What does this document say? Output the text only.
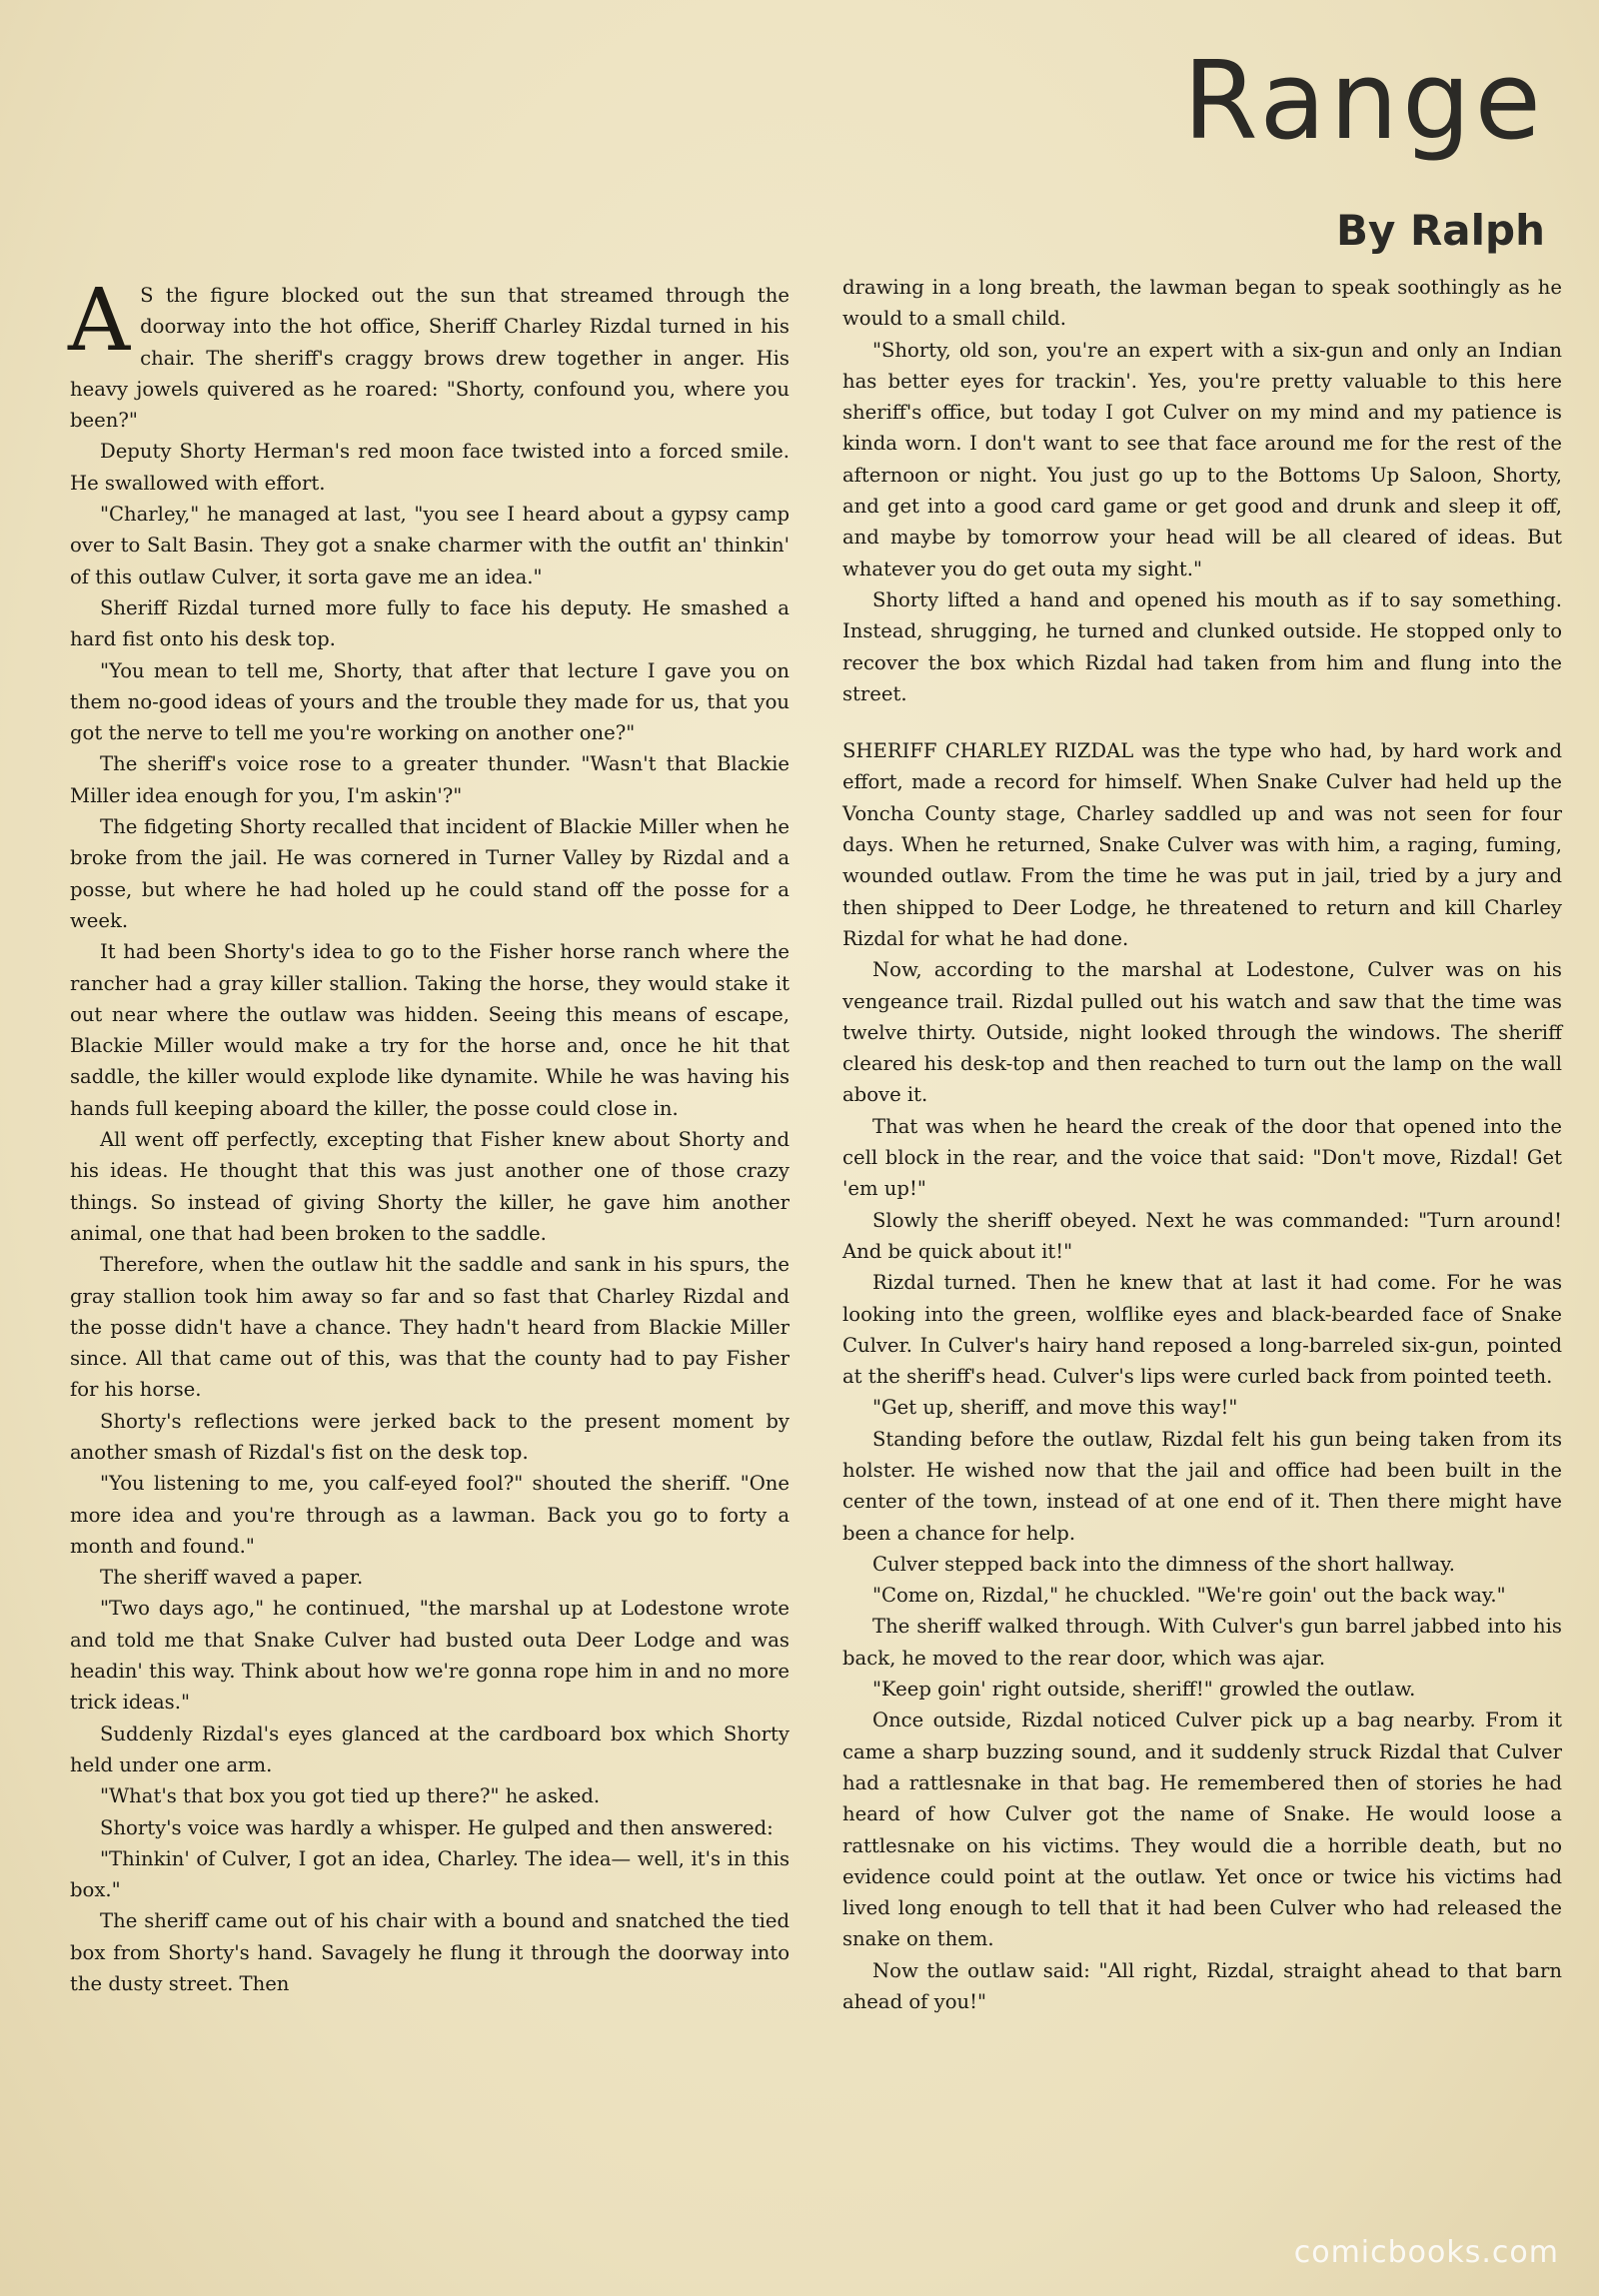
Range
By Ralph

A S the figure blocked out the sun that streamed through the doorway into the hot office, Sheriff Charley Rizdal turned in his chair. The sheriff's craggy brows drew together in anger. His heavy jowels quivered as he roared: "Shorty, confound you, where you been?"

Deputy Shorty Herman's red moon face twisted into a forced smile. He swallowed with effort.

"Charley," he managed at last, "you see I heard about a gypsy camp over to Salt Basin. They got a snake charmer with the outfit an' thinkin' of this outlaw Culver, it sorta gave me an idea."

Sheriff Rizdal turned more fully to face his deputy. He smashed a hard fist onto his desk top.

"You mean to tell me, Shorty, that after that lecture I gave you on them no-good ideas of yours and the trouble they made for us, that you got the nerve to tell me you're working on another one?"

The sheriff's voice rose to a greater thunder. "Wasn't that Blackie Miller idea enough for you, I'm askin'?"

The fidgeting Shorty recalled that incident of Blackie Miller when he broke from the jail. He was cornered in Turner Valley by Rizdal and a posse, but where he had holed up he could stand off the posse for a week.

It had been Shorty's idea to go to the Fisher horse ranch where the rancher had a gray killer stallion. Taking the horse, they would stake it out near where the outlaw was hidden. Seeing this means of escape, Blackie Miller would make a try for the horse and, once he hit that saddle, the killer would explode like dynamite. While he was having his hands full keeping aboard the killer, the posse could close in.

All went off perfectly, excepting that Fisher knew about Shorty and his ideas. He thought that this was just another one of those crazy things. So instead of giving Shorty the killer, he gave him another animal, one that had been broken to the saddle.

Therefore, when the outlaw hit the saddle and sank in his spurs, the gray stallion took him away so far and so fast that Charley Rizdal and the posse didn't have a chance. They hadn't heard from Blackie Miller since. All that came out of this, was that the county had to pay Fisher for his horse.

Shorty's reflections were jerked back to the present moment by another smash of Rizdal's fist on the desk top.

"You listening to me, you calf-eyed fool?" shouted the sheriff. "One more idea and you're through as a lawman. Back you go to forty a month and found."

The sheriff waved a paper.

"Two days ago," he continued, "the marshal up at Lodestone wrote and told me that Snake Culver had busted outa Deer Lodge and was headin' this way. Think about how we're gonna rope him in and no more trick ideas."

Suddenly Rizdal's eyes glanced at the cardboard box which Shorty held under one arm.

"What's that box you got tied up there?" he asked.

Shorty's voice was hardly a whisper. He gulped and then answered:

"Thinkin' of Culver, I got an idea, Charley. The idea— well, it's in this box."

The sheriff came out of his chair with a bound and snatched the tied box from Shorty's hand. Savagely he flung it through the doorway into the dusty street. Then

drawing in a long breath, the lawman began to speak soothingly as he would to a small child.

"Shorty, old son, you're an expert with a six-gun and only an Indian has better eyes for trackin'. Yes, you're pretty valuable to this here sheriff's office, but today I got Culver on my mind and my patience is kinda worn. I don't want to see that face around me for the rest of the afternoon or night. You just go up to the Bottoms Up Saloon, Shorty, and get into a good card game or get good and drunk and sleep it off, and maybe by tomorrow your head will be all cleared of ideas. But whatever you do get outa my sight."

Shorty lifted a hand and opened his mouth as if to say something. Instead, shrugging, he turned and clunked outside. He stopped only to recover the box which Rizdal had taken from him and flung into the street.

SHERIFF CHARLEY RIZDAL was the type who had, by hard work and effort, made a record for himself. When Snake Culver had held up the Voncha County stage, Charley saddled up and was not seen for four days. When he returned, Snake Culver was with him, a raging, fuming, wounded outlaw. From the time he was put in jail, tried by a jury and then shipped to Deer Lodge, he threatened to return and kill Charley Rizdal for what he had done.

Now, according to the marshal at Lodestone, Culver was on his vengeance trail. Rizdal pulled out his watch and saw that the time was twelve thirty. Outside, night looked through the windows. The sheriff cleared his desk-top and then reached to turn out the lamp on the wall above it.

That was when he heard the creak of the door that opened into the cell block in the rear, and the voice that said: "Don't move, Rizdal! Get 'em up!"

Slowly the sheriff obeyed. Next he was commanded: "Turn around! And be quick about it!"

Rizdal turned. Then he knew that at last it had come. For he was looking into the green, wolflike eyes and black-bearded face of Snake Culver. In Culver's hairy hand reposed a long-barreled six-gun, pointed at the sheriff's head. Culver's lips were curled back from pointed teeth.

"Get up, sheriff, and move this way!"

Standing before the outlaw, Rizdal felt his gun being taken from its holster. He wished now that the jail and office had been built in the center of the town, instead of at one end of it. Then there might have been a chance for help.

Culver stepped back into the dimness of the short hallway.

"Come on, Rizdal," he chuckled. "We're goin' out the back way."

The sheriff walked through. With Culver's gun barrel jabbed into his back, he moved to the rear door, which was ajar.

"Keep goin' right outside, sheriff!" growled the outlaw.

Once outside, Rizdal noticed Culver pick up a bag nearby. From it came a sharp buzzing sound, and it suddenly struck Rizdal that Culver had a rattlesnake in that bag. He remembered then of stories he had heard of how Culver got the name of Snake. He would loose a rattlesnake on his victims. They would die a horrible death, but no evidence could point at the outlaw. Yet once or twice his victims had lived long enough to tell that it had been Culver who had released the snake on them.

Now the outlaw said: "All right, Rizdal, straight ahead to that barn ahead of you!"

comicbooks.com
